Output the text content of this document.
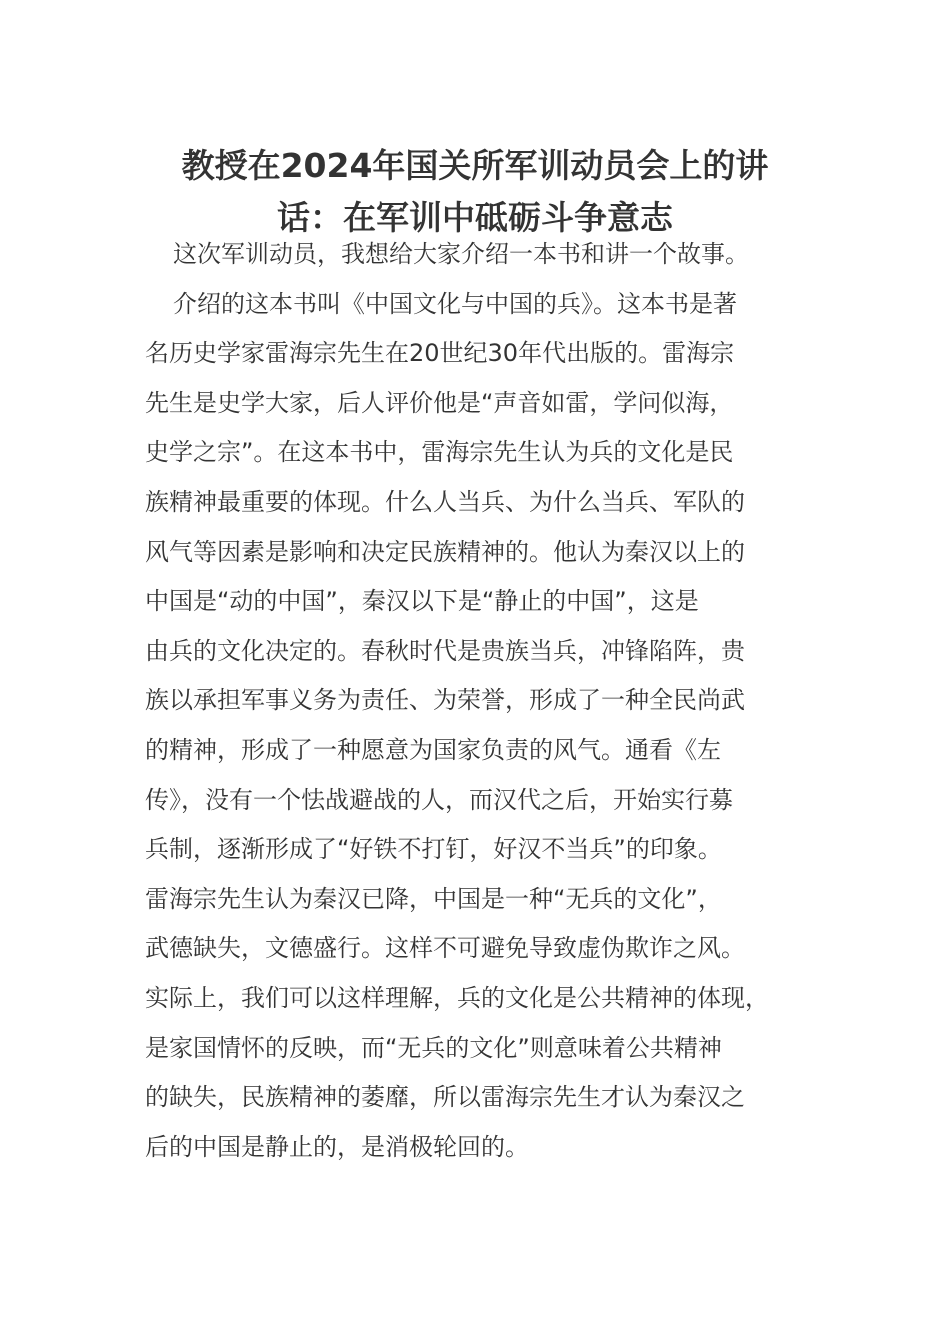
教授在2024年国关所军训动员会上的讲
话：在军训中砥砺斗争意志

这次军训动员，我想给大家介绍一本书和讲一个故事。

介绍的这本书叫《中国文化与中国的兵》。这本书是著
名历史学家雷海宗先生在20世纪30年代出版的。雷海宗
先生是史学大家，后人评价他是“声音如雷，学问似海，
史学之宗”。在这本书中，雷海宗先生认为兵的文化是民
族精神最重要的体现。什么人当兵、为什么当兵、军队的
风气等因素是影响和决定民族精神的。他认为秦汉以上的
中国是“动的中国”，秦汉以下是“静止的中国”，这是
由兵的文化决定的。春秋时代是贵族当兵，冲锋陷阵，贵
族以承担军事义务为责任、为荣誉，形成了一种全民尚武
的精神，形成了一种愿意为国家负责的风气。通看《左
传》，没有一个怯战避战的人，而汉代之后，开始实行募
兵制，逐渐形成了“好铁不打钉，好汉不当兵”的印象。
雷海宗先生认为秦汉已降，中国是一种“无兵的文化”，
武德缺失，文德盛行。这样不可避免导致虚伪欺诈之风。
实际上，我们可以这样理解，兵的文化是公共精神的体现，
是家国情怀的反映，而“无兵的文化”则意味着公共精神
的缺失，民族精神的萎靡，所以雷海宗先生才认为秦汉之
后的中国是静止的，是消极轮回的。
